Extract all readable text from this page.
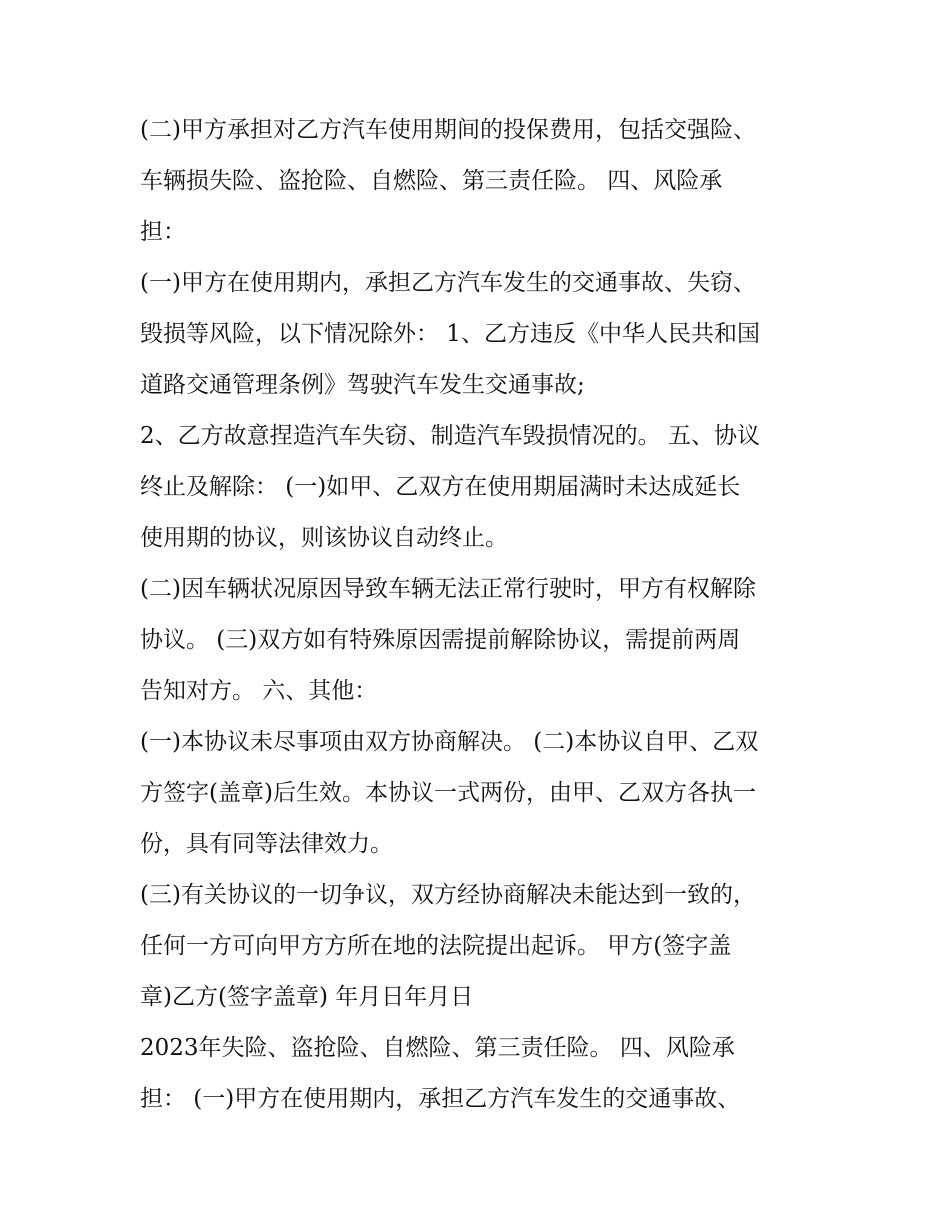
(二)甲方承担对乙方汽车使用期间的投保费用，包括交强险、
车辆损失险、盗抢险、自燃险、第三责任险。 四、风险承
担：
(一)甲方在使用期内，承担乙方汽车发生的交通事故、失窃、
毁损等风险，以下情况除外： 1、乙方违反《中华人民共和国
道路交通管理条例》驾驶汽车发生交通事故;
2、乙方故意捏造汽车失窃、制造汽车毁损情况的。 五、协议
终止及解除： (一)如甲、乙双方在使用期届满时未达成延长
使用期的协议，则该协议自动终止。
(二)因车辆状况原因导致车辆无法正常行驶时，甲方有权解除
协议。 (三)双方如有特殊原因需提前解除协议，需提前两周
告知对方。 六、其他：
(一)本协议未尽事项由双方协商解决。 (二)本协议自甲、乙双
方签字(盖章)后生效。本协议一式两份，由甲、乙双方各执一
份，具有同等法律效力。
(三)有关协议的一切争议，双方经协商解决未能达到一致的，
任何一方可向甲方方所在地的法院提出起诉。 甲方(签字盖
章)乙方(签字盖章) 年月日年月日
2023年失险、盗抢险、自燃险、第三责任险。 四、风险承
担： (一)甲方在使用期内，承担乙方汽车发生的交通事故、
